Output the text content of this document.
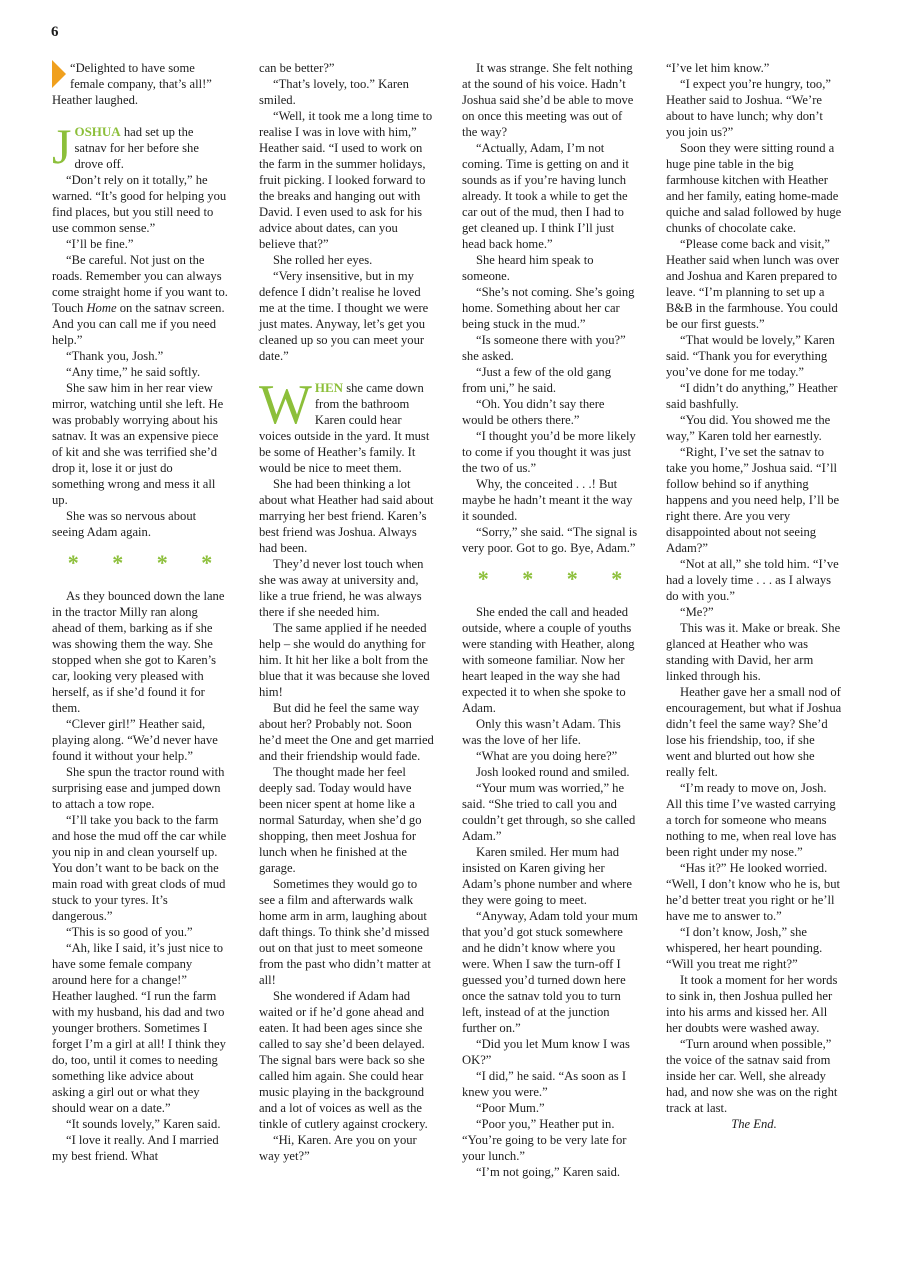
6

“Delighted to have some female company, that’s all!” Heather laughed.

JOSHUA had set up the satnav for her before she drove off.

“Don’t rely on it totally,” he warned. “It’s good for helping you find places, but you still need to use common sense.”

“I’ll be fine.”

“Be careful. Not just on the roads. Remember you can always come straight home if you want to. Touch Home on the satnav screen. And you can call me if you need help.”

“Thank you, Josh.”

“Any time,” he said softly.

She saw him in her rear view mirror, watching until she left. He was probably worrying about his satnav. It was an expensive piece of kit and she was terrified she’d drop it, lose it or just do something wrong and mess it all up.

She was so nervous about seeing Adam again.

* * * *

As they bounced down the lane in the tractor Milly ran along ahead of them, barking as if she was showing them the way. She stopped when she got to Karen’s car, looking very pleased with herself, as if she’d found it for them.

“Clever girl!” Heather said, playing along. “We’d never have found it without your help.”

She spun the tractor round with surprising ease and jumped down to attach a tow rope.

“I’ll take you back to the farm and hose the mud off the car while you nip in and clean yourself up. You don’t want to be back on the main road with great clods of mud stuck to your tyres. It’s dangerous.”

“This is so good of you.”

“Ah, like I said, it’s just nice to have some female company around here for a change!” Heather laughed. “I run the farm with my husband, his dad and two younger brothers. Sometimes I forget I’m a girl at all! I think they do, too, until it comes to needing something like advice about asking a girl out or what they should wear on a date.”

“It sounds lovely,” Karen said.

“I love it really. And I married my best friend. What

can be better?”

“That’s lovely, too.” Karen smiled.

“Well, it took me a long time to realise I was in love with him,” Heather said. “I used to work on the farm in the summer holidays, fruit picking. I looked forward to the breaks and hanging out with David. I even used to ask for his advice about dates, can you believe that?”

She rolled her eyes.

“Very insensitive, but in my defence I didn’t realise he loved me at the time. I thought we were just mates. Anyway, let’s get you cleaned up so you can meet your date.”

WHEN she came down from the bathroom Karen could hear voices outside in the yard. It must be some of Heather’s family. It would be nice to meet them.

She had been thinking a lot about what Heather had said about marrying her best friend. Karen’s best friend was Joshua. Always had been.

They’d never lost touch when she was away at university and, like a true friend, he was always there if she needed him.

The same applied if he needed help – she would do anything for him. It hit her like a bolt from the blue that it was because she loved him!

But did he feel the same way about her? Probably not. Soon he’d meet the One and get married and their friendship would fade.

The thought made her feel deeply sad. Today would have been nicer spent at home like a normal Saturday, when she’d go shopping, then meet Joshua for lunch when he finished at the garage.

Sometimes they would go to see a film and afterwards walk home arm in arm, laughing about daft things. To think she’d missed out on that just to meet someone from the past who didn’t matter at all!

She wondered if Adam had waited or if he’d gone ahead and eaten. It had been ages since she called to say she’d been delayed. The signal bars were back so she called him again. She could hear music playing in the background and a lot of voices as well as the tinkle of cutlery against crockery.

“Hi, Karen. Are you on your way yet?”

It was strange. She felt nothing at the sound of his voice. Hadn’t Joshua said she’d be able to move on once this meeting was out of the way?

“Actually, Adam, I’m not coming. Time is getting on and it sounds as if you’re having lunch already. It took a while to get the car out of the mud, then I had to get cleaned up. I think I’ll just head back home.”

She heard him speak to someone.

“She’s not coming. She’s going home. Something about her car being stuck in the mud.”

“Is someone there with you?” she asked.

“Just a few of the old gang from uni,” he said.

“Oh. You didn’t say there would be others there.”

“I thought you’d be more likely to come if you thought it was just the two of us.”

Why, the conceited . . .! But maybe he hadn’t meant it the way it sounded.

“Sorry,” she said. “The signal is very poor. Got to go. Bye, Adam.”

* * * *

She ended the call and headed outside, where a couple of youths were standing with Heather, along with someone familiar. Now her heart leaped in the way she had expected it to when she spoke to Adam.

Only this wasn’t Adam. This was the love of her life.

“What are you doing here?”

Josh looked round and smiled.

“Your mum was worried,” he said. “She tried to call you and couldn’t get through, so she called Adam.”

Karen smiled. Her mum had insisted on Karen giving her Adam’s phone number and where they were going to meet.

“Anyway, Adam told your mum that you’d got stuck somewhere and he didn’t know where you were. When I saw the turn-off I guessed you’d turned down here once the satnav told you to turn left, instead of at the junction further on.”

“Did you let Mum know I was OK?”

“I did,” he said. “As soon as I knew you were.”

“Poor Mum.”

“Poor you,” Heather put in. “You’re going to be very late for your lunch.”

“I’m not going,” Karen said.

“I’ve let him know.”

“I expect you’re hungry, too,” Heather said to Joshua. “We’re about to have lunch; why don’t you join us?”

Soon they were sitting round a huge pine table in the big farmhouse kitchen with Heather and her family, eating home-made quiche and salad followed by huge chunks of chocolate cake.

“Please come back and visit,” Heather said when lunch was over and Joshua and Karen prepared to leave. “I’m planning to set up a B&B in the farmhouse. You could be our first guests.”

“That would be lovely,” Karen said. “Thank you for everything you’ve done for me today.”

“I didn’t do anything,” Heather said bashfully.

“You did. You showed me the way,” Karen told her earnestly.

“Right, I’ve set the satnav to take you home,” Joshua said. “I’ll follow behind so if anything happens and you need help, I’ll be right there. Are you very disappointed about not seeing Adam?”

“Not at all,” she told him. “I’ve had a lovely time . . . as I always do with you.”

“Me?”

This was it. Make or break. She glanced at Heather who was standing with David, her arm linked through his.

Heather gave her a small nod of encouragement, but what if Joshua didn’t feel the same way? She’d lose his friendship, too, if she went and blurted out how she really felt.

“I’m ready to move on, Josh. All this time I’ve wasted carrying a torch for someone who means nothing to me, when real love has been right under my nose.”

“Has it?” He looked worried. “Well, I don’t know who he is, but he’d better treat you right or he’ll have me to answer to.”

“I don’t know, Josh,” she whispered, her heart pounding. “Will you treat me right?”

It took a moment for her words to sink in, then Joshua pulled her into his arms and kissed her. All her doubts were washed away.

“Turn around when possible,” the voice of the satnav said from inside her car. Well, she already had, and now she was on the right track at last.

The End.
